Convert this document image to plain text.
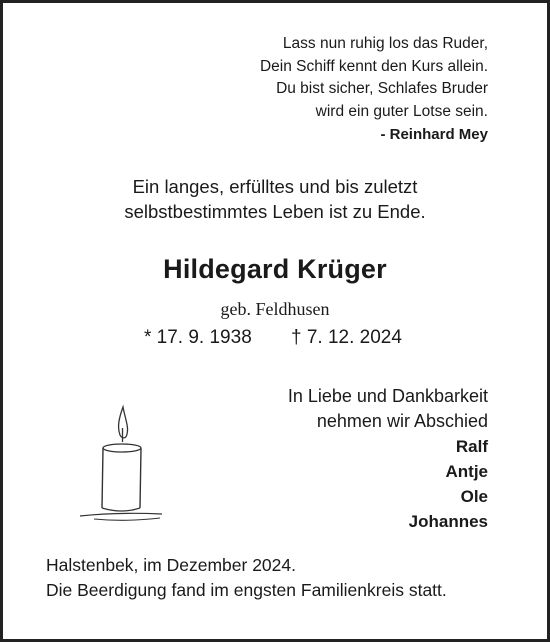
Lass nun ruhig los das Ruder,
Dein Schiff kennt den Kurs allein.
Du bist sicher, Schlafes Bruder
wird ein guter Lotse sein.
- Reinhard Mey
Ein langes, erfülltes und bis zuletzt
selbstbestimmtes Leben ist zu Ende.
Hildegard Krüger
geb. Feldhusen
* 17. 9. 1938 † 7. 12. 2024
In Liebe und Dankbarkeit
nehmen wir Abschied
Ralf
Antje
Ole
Johannes
Halstenbek, im Dezember 2024.
Die Beerdigung fand im engsten Familienkreis statt.
